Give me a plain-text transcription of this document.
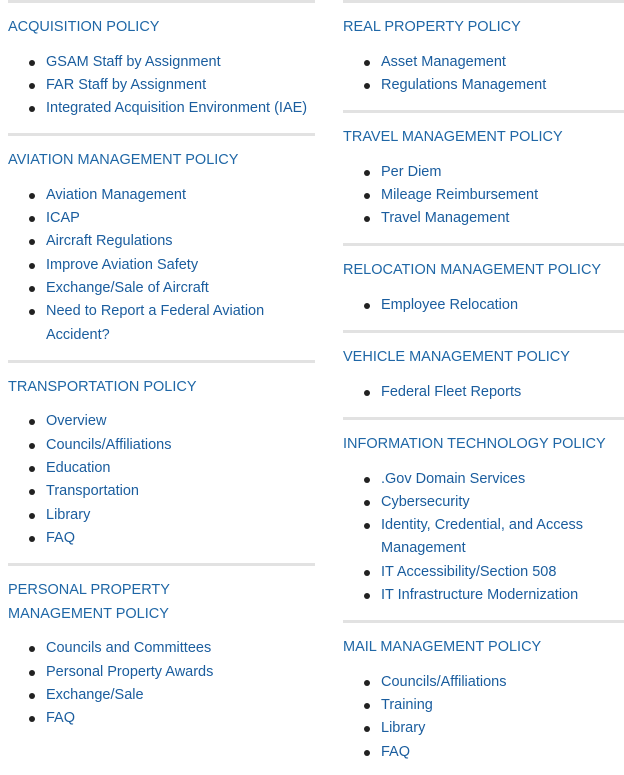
ACQUISITION POLICY
GSAM Staff by Assignment
FAR Staff by Assignment
Integrated Acquisition Environment (IAE)
AVIATION MANAGEMENT POLICY
Aviation Management
ICAP
Aircraft Regulations
Improve Aviation Safety
Exchange/Sale of Aircraft
Need to Report a Federal Aviation Accident?
TRANSPORTATION POLICY
Overview
Councils/Affiliations
Education
Transportation
Library
FAQ
PERSONAL PROPERTY MANAGEMENT POLICY
Councils and Committees
Personal Property Awards
Exchange/Sale
FAQ
REAL PROPERTY POLICY
Asset Management
Regulations Management
TRAVEL MANAGEMENT POLICY
Per Diem
Mileage Reimbursement
Travel Management
RELOCATION MANAGEMENT POLICY
Employee Relocation
VEHICLE MANAGEMENT POLICY
Federal Fleet Reports
INFORMATION TECHNOLOGY POLICY
.Gov Domain Services
Cybersecurity
Identity, Credential, and Access Management
IT Accessibility/Section 508
IT Infrastructure Modernization
MAIL MANAGEMENT POLICY
Councils/Affiliations
Training
Library
FAQ
